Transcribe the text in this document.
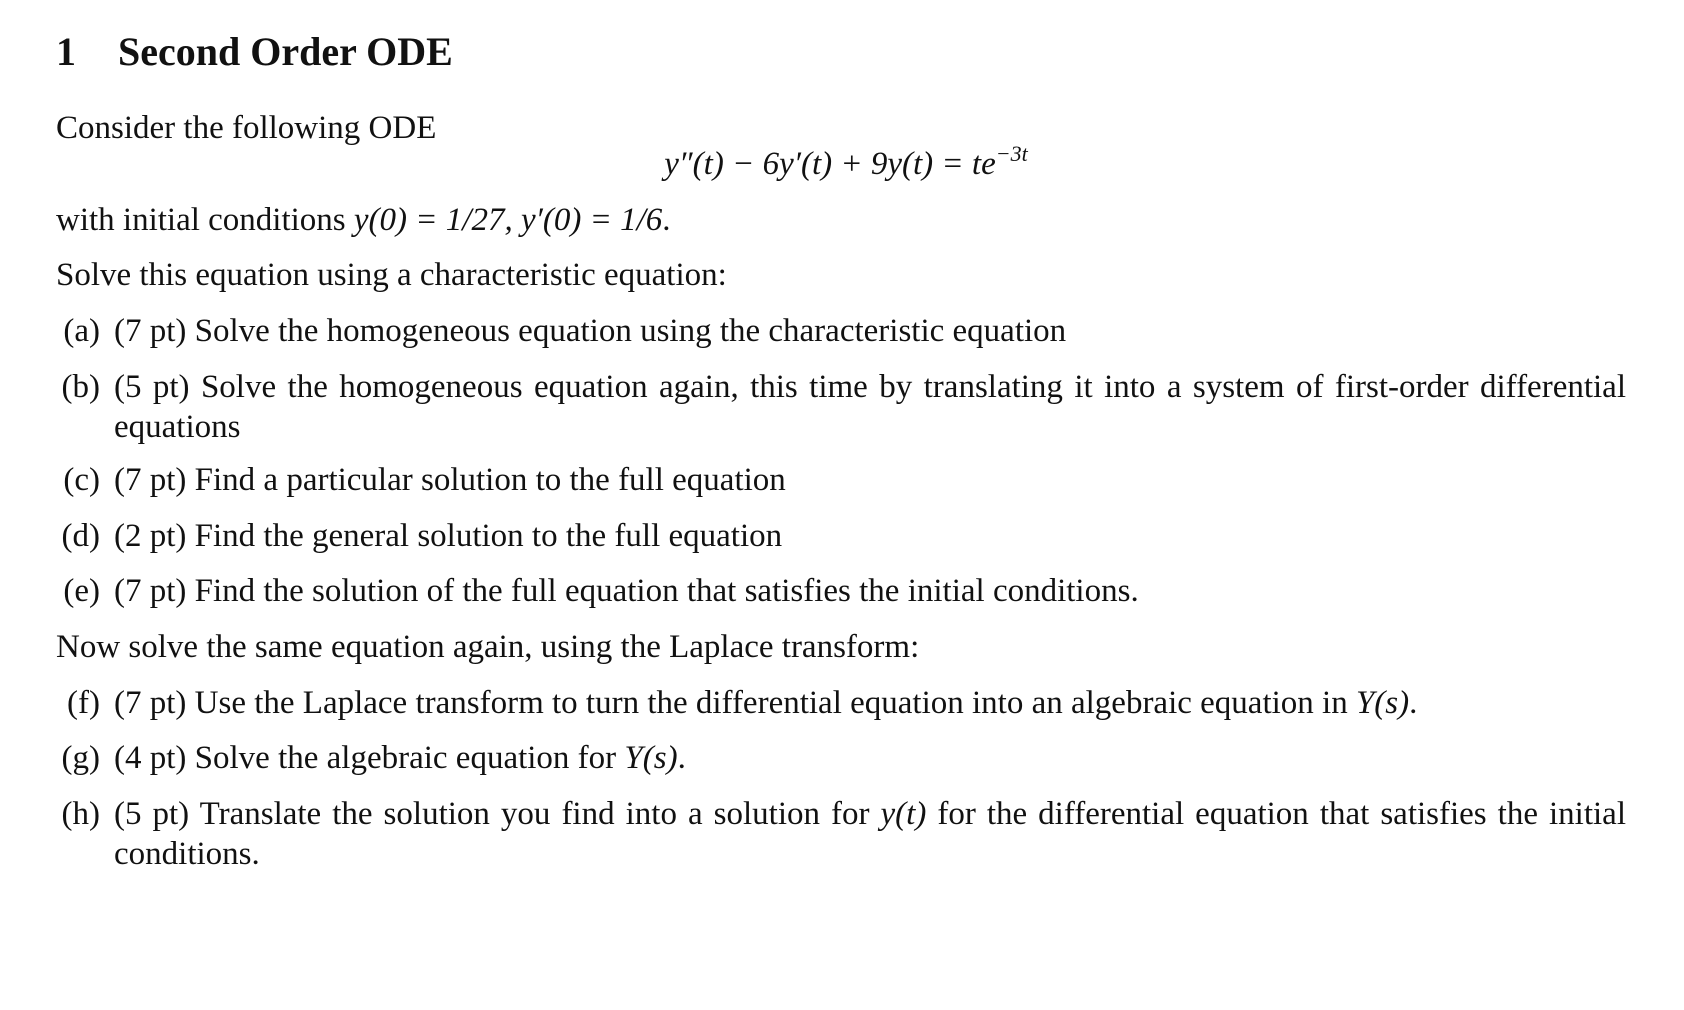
1 Second Order ODE
Consider the following ODE
$y''(t) - 6y'(t) + 9y(t) = te^{-3t}$
with initial conditions y(0) = 1/27, y′(0) = 1/6.
Solve this equation using a characteristic equation:
(a) (7 pt) Solve the homogeneous equation using the characteristic equation
(b) (5 pt) Solve the homogeneous equation again, this time by translating it into a system of first-order differential equations
(c) (7 pt) Find a particular solution to the full equation
(d) (2 pt) Find the general solution to the full equation
(e) (7 pt) Find the solution of the full equation that satisfies the initial conditions.
Now solve the same equation again, using the Laplace transform:
(f) (7 pt) Use the Laplace transform to turn the differential equation into an algebraic equation in Y(s).
(g) (4 pt) Solve the algebraic equation for Y(s).
(h) (5 pt) Translate the solution you find into a solution for y(t) for the differential equation that satisfies the initial conditions.
